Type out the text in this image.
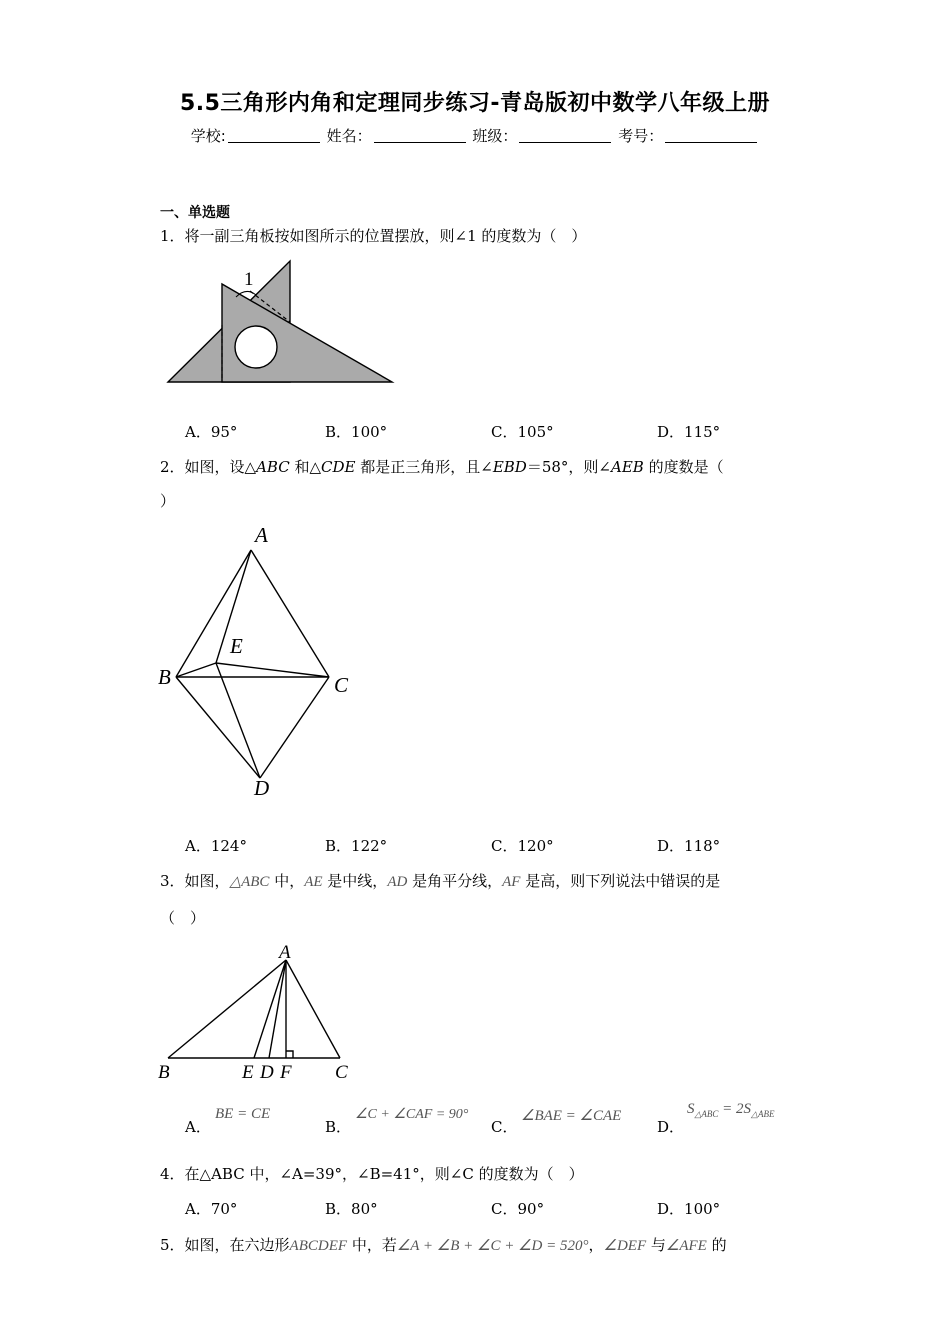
5.5三角形内角和定理同步练习-青岛版初中数学八年级上册
学校:	姓名：	班级：	考号：
一、单选题
1．将一副三角板按如图所示的位置摆放，则∠1 的度数为（　）
1
A．95°	B．100°	C．105°	D．115°
2．如图，设△ABC 和△CDE 都是正三角形，且∠EBD＝58°，则∠AEB 的度数是（
）
A
E
B	C
D
A．124°	B．122°	C．120°	D．118°
3．如图，△ABC 中，AE 是中线，AD 是角平分线，AF 是高，则下列说法中错误的是
（　）
A
B	E D F C
A．
BE = CE
B．
∠C + ∠CAF = 90°
C．
∠BAE = ∠CAE
D．
$S_{\triangle ABC} = 2S_{\triangle ABE}$
4．在△ABC 中，∠A=39°，∠B=41°，则∠C 的度数为（　）
A．70°	B．80°	C．90°	D．100°
5．如图，在六边形ABCDEF 中，若∠A + ∠B + ∠C + ∠D = 520°，∠DEF 与∠AFE 的
